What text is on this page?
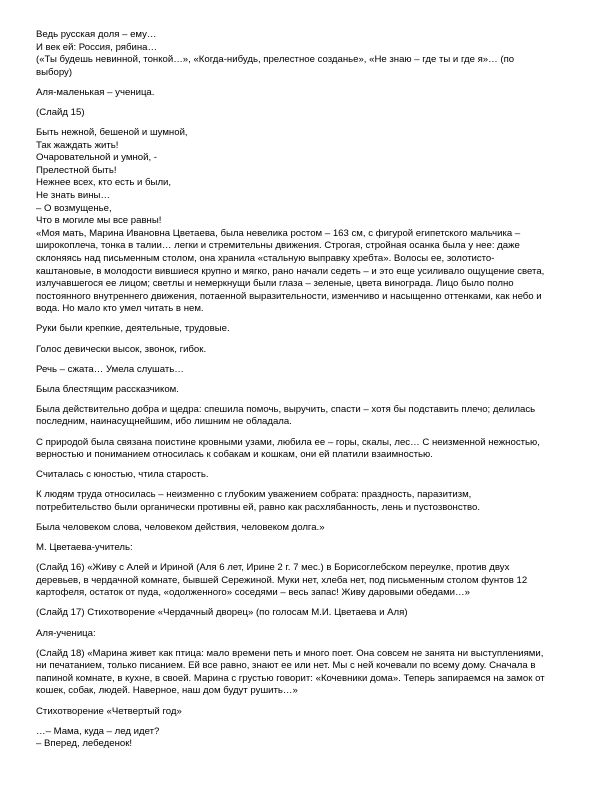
Ведь русская доля – ему…
И век ей: Россия, рябина…
(«Ты будешь невинной, тонкой…», «Когда-нибудь, прелестное созданье», «Не знаю – где ты и где я»… (по
выбору)
Аля-маленькая – ученица.
(Слайд 15)
Быть нежной, бешеной и шумной,
Так жаждать жить!
Очаровательной и умной, -
Прелестной быть!
Нежнее всех, кто есть и были,
Не знать вины…
– О возмущенье,
Что в могиле мы все равны!
«Моя мать, Марина Ивановна Цветаева, была невелика ростом – 163 см, с фигурой египетского мальчика –
широкоплеча, тонка в талии… легки и стремительны движения. Строгая, стройная осанка была у нее: даже
склоняясь над письменным столом, она хранила «стальную выправку хребта». Волосы ее, золотисто-
каштановые, в молодости вившиеся крупно и мягко, рано начали седеть – и это еще усиливало ощущение света,
излучавшегося ее лицом; светлы и немеркнущи были глаза – зеленые, цвета винограда. Лицо было полно
постоянного внутреннего движения, потаенной выразительности, изменчиво и насыщенно оттенками, как небо и
вода. Но мало кто умел читать в нем.
Руки были крепкие, деятельные, трудовые.
Голос девически высок, звонок, гибок.
Речь – сжата… Умела слушать…
Была блестящим рассказчиком.
Была действительно добра и щедра: спешила помочь, выручить, спасти – хотя бы подставить плечо; делилась
последним, наинасущнейшим, ибо лишним не обладала.
С природой была связана поистине кровными узами, любила ее – горы, скалы, лес… С неизменной нежностью,
верностью и пониманием относилась к собакам и кошкам, они ей платили взаимностью.
Считалась с юностью, чтила старость.
К людям труда относилась – неизменно с глубоким уважением собрата: праздность, паразитизм,
потребительство были органически противны ей, равно как расхлябанность, лень и пустозвонство.
Была человеком слова, человеком действия, человеком долга.»
М. Цветаева-учитель:
(Слайд 16) «Живу с Алей и Ириной (Аля 6 лет, Ирине 2 г. 7 мес.) в Борисоглебском переулке, против двух
деревьев, в чердачной комнате, бывшей Сережиной. Муки нет, хлеба нет, под письменным столом фунтов 12
картофеля, остаток от пуда, «одолженного» соседями – весь запас! Живу даровыми обедами…»
(Слайд 17) Стихотворение «Чердачный дворец» (по голосам М.И. Цветаева и Аля)
Аля-ученица:
(Слайд 18) «Марина живет как птица: мало времени петь и много поет. Она совсем не занята ни выступлениями,
ни печатанием, только писанием. Ей все равно, знают ее или нет. Мы с ней кочевали по всему дому. Сначала в
папиной комнате, в кухне, в своей. Марина с грустью говорит: «Кочевники дома». Теперь запираемся на замок от
кошек, собак, людей. Наверное, наш дом будут рушить…»
Стихотворение «Четвертый год»
…– Мама, куда – лед идет?
– Вперед, лебеденок!
